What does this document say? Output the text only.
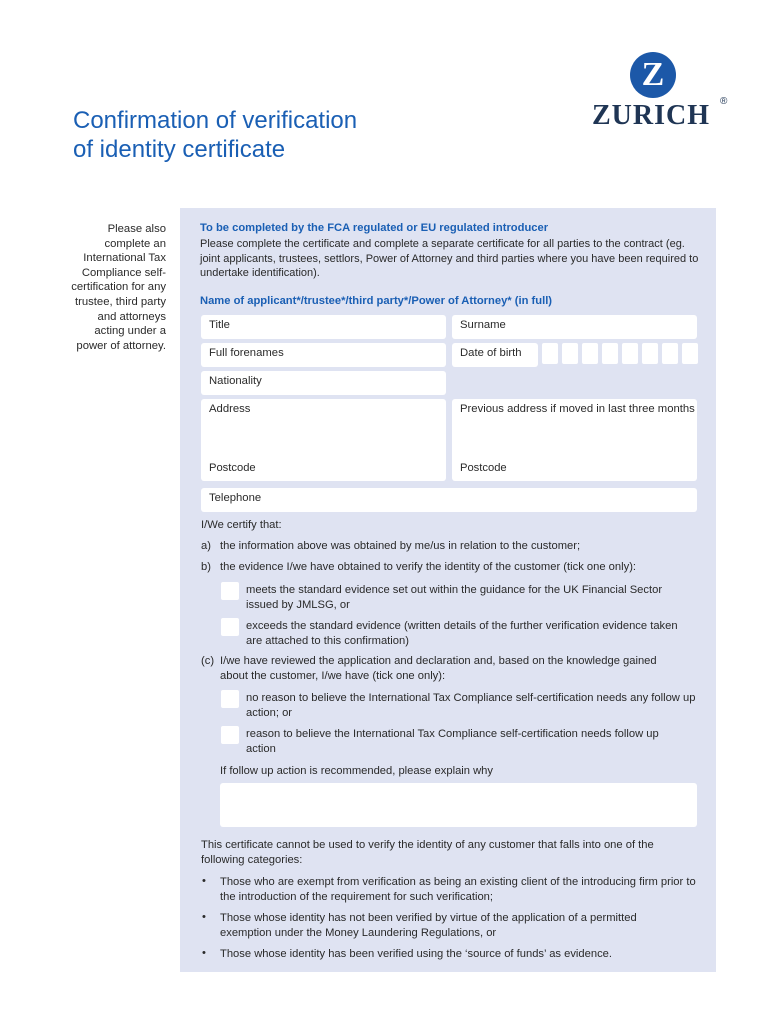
Z
ZURICH ®
Confirmation of verification
of identity certificate
Please also complete an International Tax Compliance self-certification for any trustee, third party and attorneys acting under a power of attorney.
To be completed by the FCA regulated or EU regulated introducer
Please complete the certificate and complete a separate certificate for all parties to the contract (eg. joint applicants, trustees, settlors, Power of Attorney and third parties where you have been required to undertake identification).
Name of applicant*/trustee*/third party*/Power of Attorney* (in full)
Title	Surname
Full forenames	Date of birth
Nationality
Address	Previous address if moved in last three months
Postcode	Postcode
Telephone
I/We certify that:
a) the information above was obtained by me/us in relation to the customer;
b) the evidence I/we have obtained to verify the identity of the customer (tick one only):
meets the standard evidence set out within the guidance for the UK Financial Sector issued by JMLSG, or
exceeds the standard evidence (written details of the further verification evidence taken are attached to this confirmation)
(c) I/we have reviewed the application and declaration and, based on the knowledge gained about the customer, I/we have (tick one only):
no reason to believe the International Tax Compliance self-certification needs any follow up action; or
reason to believe the International Tax Compliance self-certification needs follow up action
If follow up action is recommended, please explain why
This certificate cannot be used to verify the identity of any customer that falls into one of the following categories:
• Those who are exempt from verification as being an existing client of the introducing firm prior to the introduction of the requirement for such verification;
• Those whose identity has not been verified by virtue of the application of a permitted exemption under the Money Laundering Regulations, or
• Those whose identity has been verified using the ‘source of funds’ as evidence.
